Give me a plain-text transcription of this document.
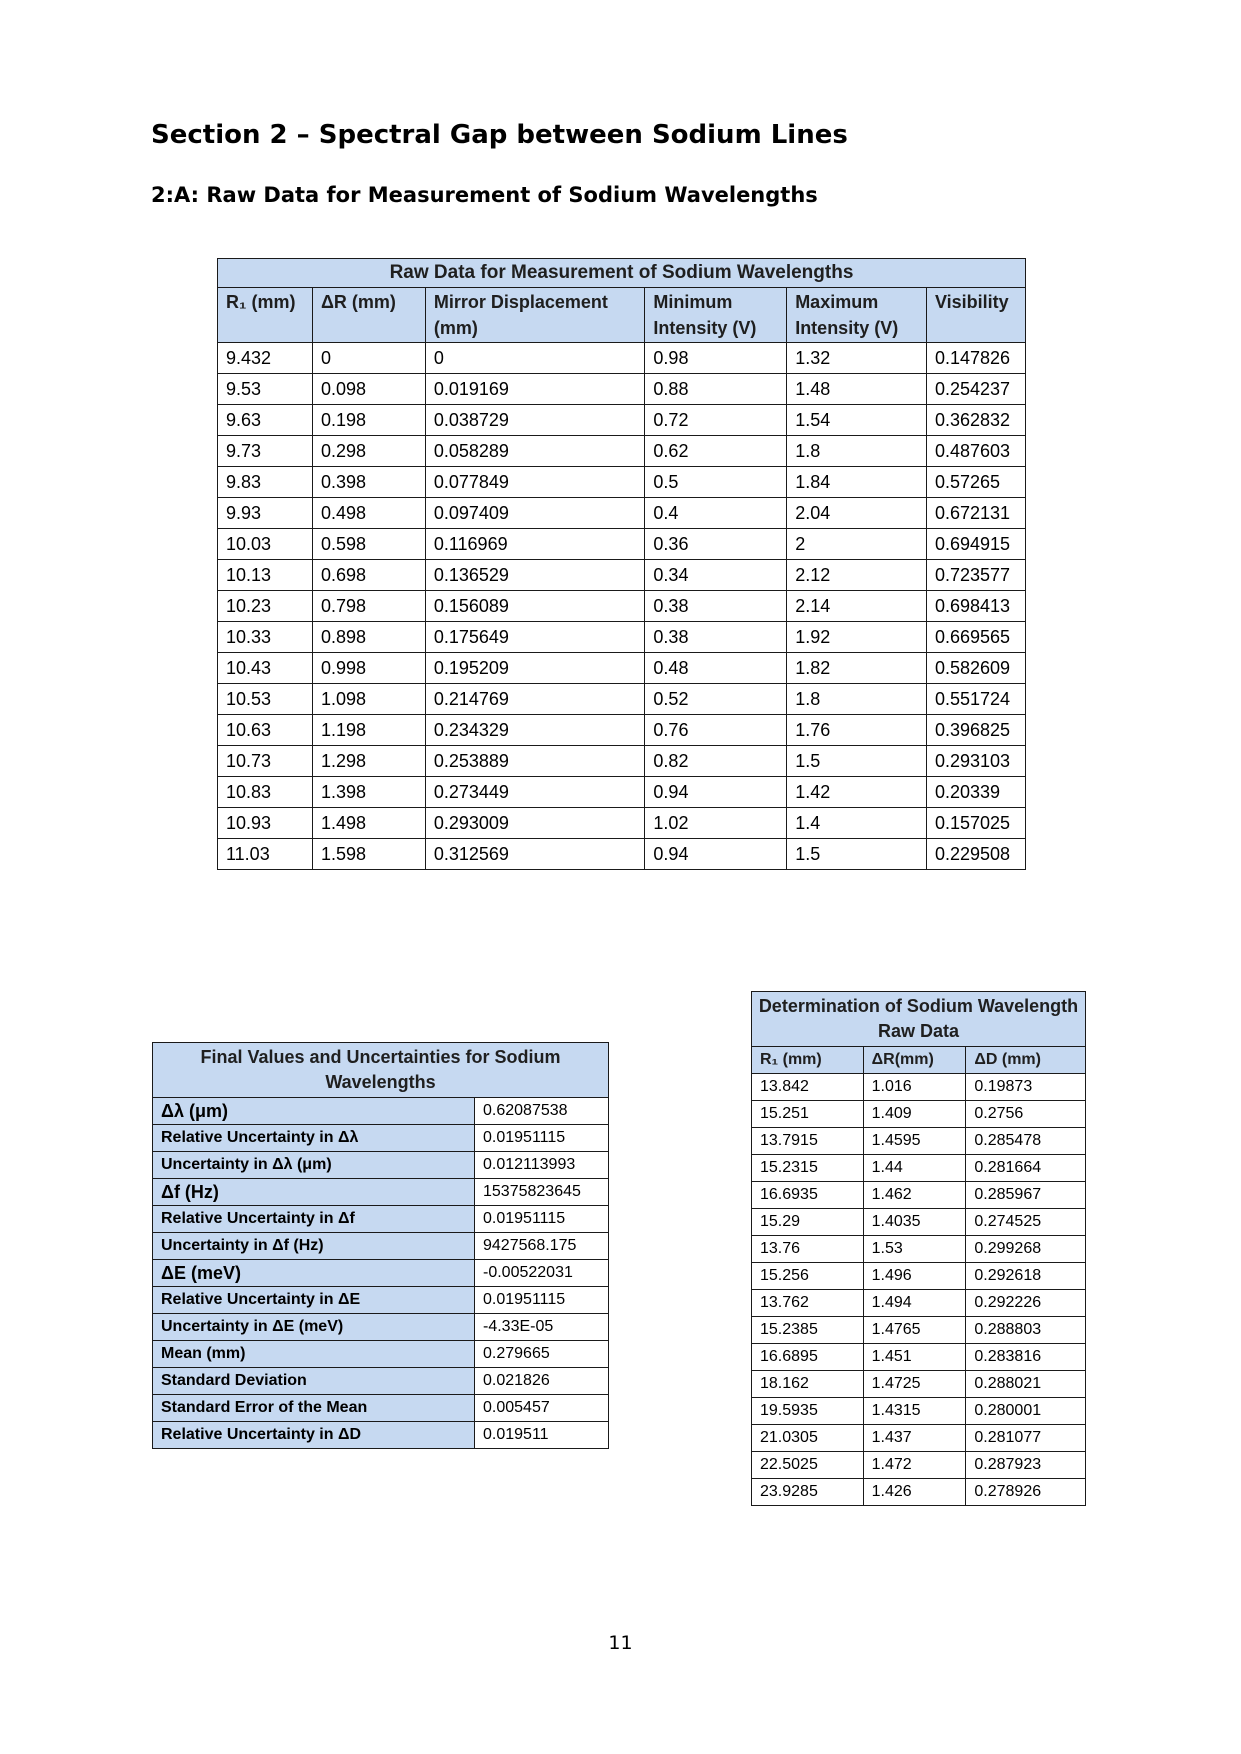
Section 2 – Spectral Gap between Sodium Lines
2:A: Raw Data for Measurement of Sodium Wavelengths
Raw Data for Measurement of Sodium Wavelengths					
R₁ (mm)	ΔR (mm)	Mirror Displacement (mm)	Minimum Intensity (V)	Maximum Intensity (V)	Visibility
9.432	0	0	0.98	1.32	0.147826
9.53	0.098	0.019169	0.88	1.48	0.254237
9.63	0.198	0.038729	0.72	1.54	0.362832
9.73	0.298	0.058289	0.62	1.8	0.487603
9.83	0.398	0.077849	0.5	1.84	0.57265
9.93	0.498	0.097409	0.4	2.04	0.672131
10.03	0.598	0.116969	0.36	2	0.694915
10.13	0.698	0.136529	0.34	2.12	0.723577
10.23	0.798	0.156089	0.38	2.14	0.698413
10.33	0.898	0.175649	0.38	1.92	0.669565
10.43	0.998	0.195209	0.48	1.82	0.582609
10.53	1.098	0.214769	0.52	1.8	0.551724
10.63	1.198	0.234329	0.76	1.76	0.396825
10.73	1.298	0.253889	0.82	1.5	0.293103
10.83	1.398	0.273449	0.94	1.42	0.20339
10.93	1.498	0.293009	1.02	1.4	0.157025
11.03	1.598	0.312569	0.94	1.5	0.229508
Final Values and Uncertainties for Sodium Wavelengths	
Δλ (μm)	0.62087538
Relative Uncertainty in Δλ	0.01951115
Uncertainty in Δλ (μm)	0.012113993
Δf (Hz)	15375823645
Relative Uncertainty in Δf	0.01951115
Uncertainty in Δf (Hz)	9427568.175
ΔE (meV)	-0.00522031
Relative Uncertainty in ΔE	0.01951115
Uncertainty in ΔE (meV)	-4.33E-05
Mean (mm)	0.279665
Standard Deviation	0.021826
Standard Error of the Mean	0.005457
Relative Uncertainty in ΔD	0.019511
Determination of Sodium Wavelength Raw Data		
R₁ (mm)	ΔR(mm)	ΔD (mm)
13.842	1.016	0.19873
15.251	1.409	0.2756
13.7915	1.4595	0.285478
15.2315	1.44	0.281664
16.6935	1.462	0.285967
15.29	1.4035	0.274525
13.76	1.53	0.299268
15.256	1.496	0.292618
13.762	1.494	0.292226
15.2385	1.4765	0.288803
16.6895	1.451	0.283816
18.162	1.4725	0.288021
19.5935	1.4315	0.280001
21.0305	1.437	0.281077
22.5025	1.472	0.287923
23.9285	1.426	0.278926
11
